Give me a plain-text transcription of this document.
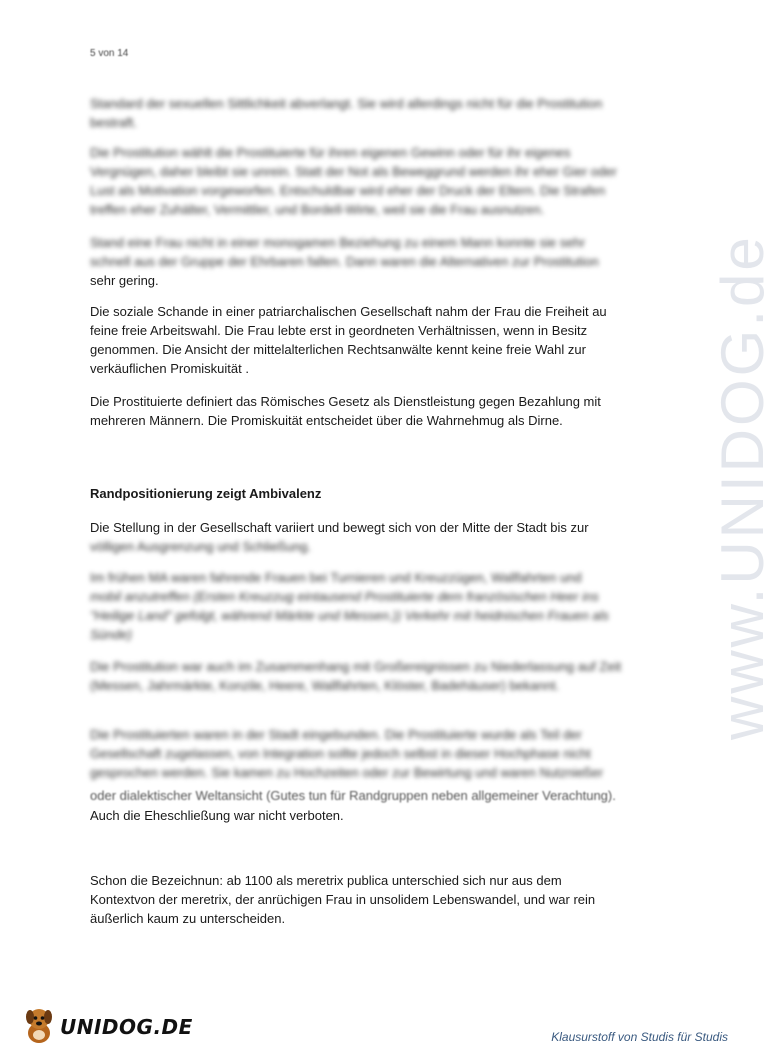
5 von 14
www.UNIDOG.de
Standard der sexuellen Sittlichkeit abverlangt. Sie wird allerdings nicht für die Prostitution
bestraft.
Die Prostitution wählt die Prostituierte für ihren eigenen Gewinn oder für ihr eigenes
Vergnügen, daher bleibt sie unrein. Statt der Not als Beweggrund werden ihr eher Gier oder
Lust als Motivation vorgeworfen. Entschuldbar wird eher der Druck der Eltern. Die Strafen
treffen eher Zuhälter, Vermittler, und Bordell-Wirte, weil sie die Frau ausnutzen.
Stand eine Frau nicht in einer monogamen Beziehung zu einem Mann konnte sie sehr
schnell aus der Gruppe der Ehrbaren fallen. Dann waren die Alternativen zur Prostitution
sehr gering.
Die soziale Schande in einer patriarchalischen Gesellschaft nahm der Frau die Freiheit au
feine freie Arbeitswahl. Die Frau lebte erst in geordneten Verhältnissen, wenn in Besitz
genommen. Die Ansicht der mittelalterlichen Rechtsanwälte kennt keine freie Wahl zur
verkäuflichen Promiskuität .
Die Prostituierte definiert das Römisches Gesetz als Dienstleistung gegen Bezahlung mit
mehreren Männern. Die Promiskuität entscheidet über die Wahrnehmug als Dirne.
Randpositionierung zeigt Ambivalenz
Die Stellung in der Gesellschaft variiert und bewegt sich von der Mitte der Stadt bis zur
völligen Ausgrenzung und Schließung.
Im frühen MA waren fahrende Frauen bei Turnieren und Kreuzzügen, Wallfahrten und
mobil anzutreffen (Ersten Kreuzzug eintausend Prostituierte dem französischen Heer ins
"Heilige Land" gefolgt, während Märkte und Messen.)) Verkehr mit heidnischen Frauen als
Sünde)
Die Prostitution war auch im Zusammenhang mit Großereignissen zu Niederlassung auf Zeit
(Messen, Jahrmärkte, Konzile, Heere, Wallfahrten, Klöster, Badehäuser) bekannt.
Die Prostituierten waren in der Stadt eingebunden. Die Prostituierte wurde als Teil der
Gesellschaft zugelassen, von Integration sollte jedoch selbst in dieser Hochphase nicht
gesprochen werden. Sie kamen zu Hochzeiten oder zur Bewirtung und waren Nutznießer
oder dialektischer Weltansicht (Gutes tun für Randgruppen neben allgemeiner Verachtung).
Auch die Eheschließung war nicht verboten.
Schon die Bezeichnun: ab 1100 als meretrix publica unterschied sich nur aus dem
Kontextvon der meretrix, der anrüchigen Frau in unsolidem Lebenswandel, und war rein
äußerlich kaum zu unterscheiden.
UNIDOG.DE	Klausurstoff von Studis für Studis
